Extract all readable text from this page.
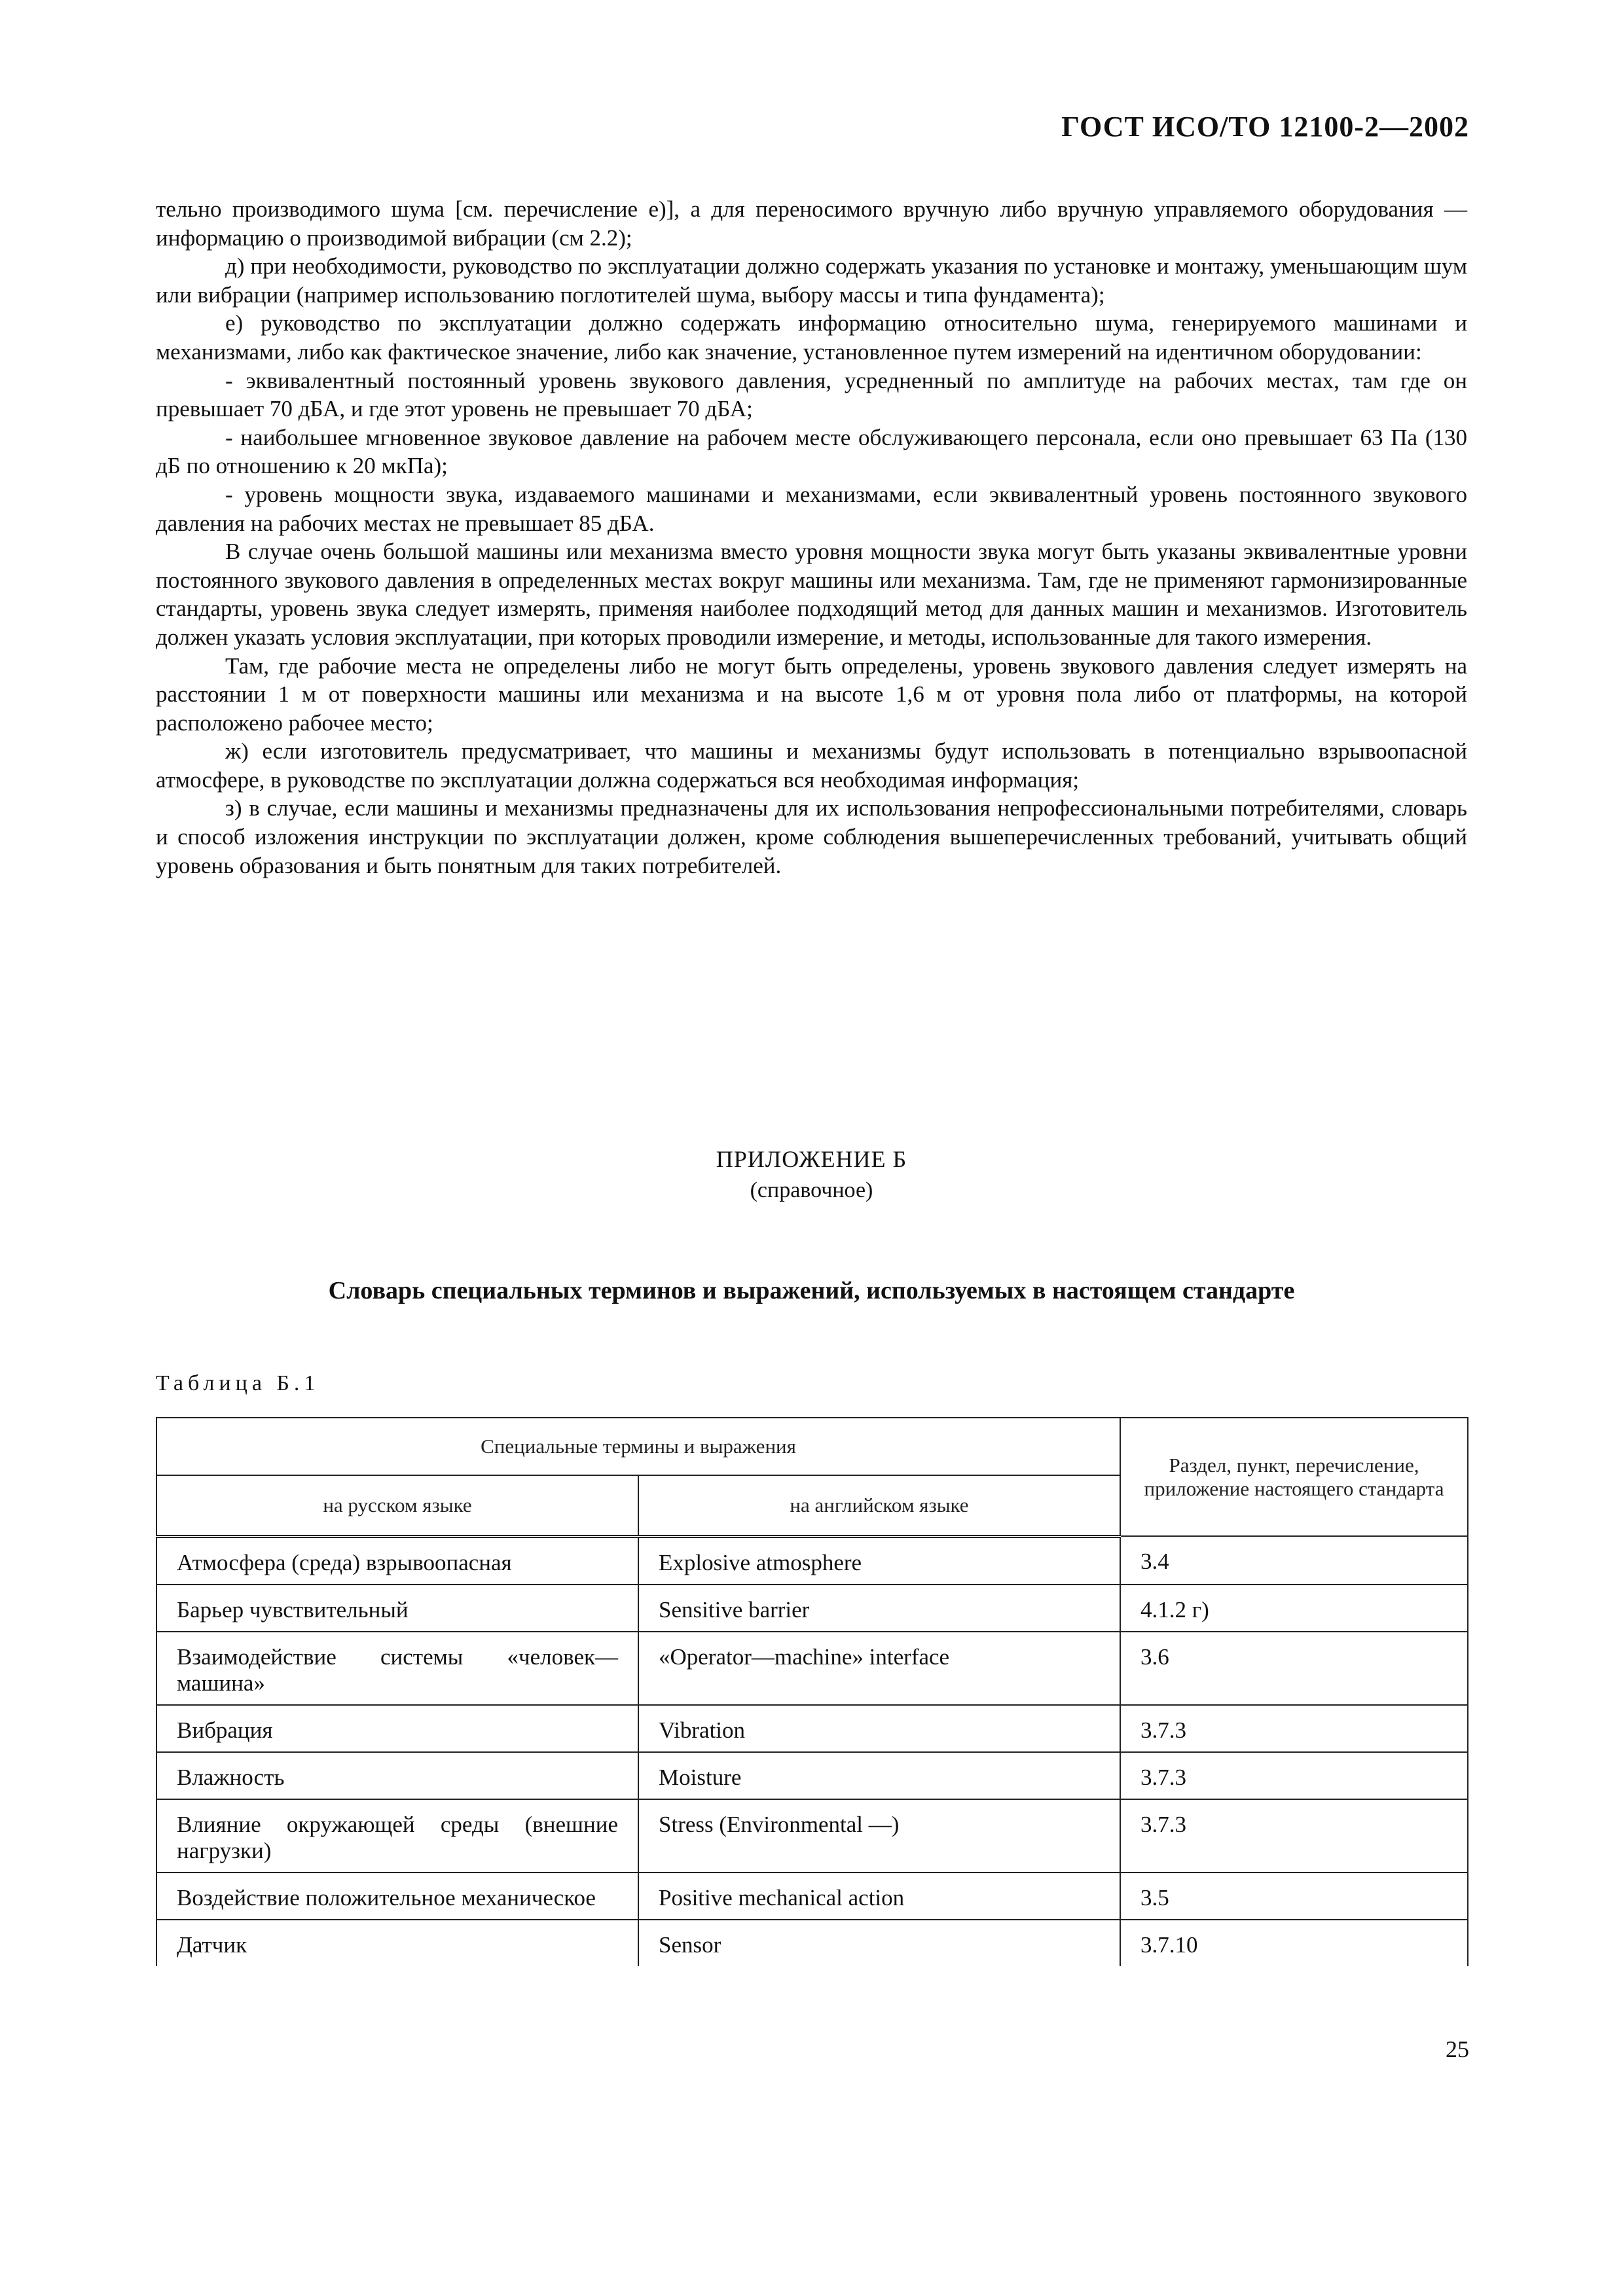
ГОСТ ИСО/ТО 12100-2—2002

тельно производимого шума [см. перечисление е)], а для переносимого вручную либо вручную управляемого оборудования — информацию о производимой вибрации (см 2.2);

д) при необходимости, руководство по эксплуатации должно содержать указания по установке и монтажу, уменьшающим шум или вибрации (например использованию поглотителей шума, выбору массы и типа фундамента);

е) руководство по эксплуатации должно содержать информацию относительно шума, генерируемого машинами и механизмами, либо как фактическое значение, либо как значение, установленное путем измерений на идентичном оборудовании:

- эквивалентный постоянный уровень звукового давления, усредненный по амплитуде на рабочих местах, там где он превышает 70 дБА, и где этот уровень не превышает 70 дБА;

- наибольшее мгновенное звуковое давление на рабочем месте обслуживающего персонала, если оно превышает 63 Па (130 дБ по отношению к 20 мкПа);

- уровень мощности звука, издаваемого машинами и механизмами, если эквивалентный уровень постоянного звукового давления на рабочих местах не превышает 85 дБА.

В случае очень большой машины или механизма вместо уровня мощности звука могут быть указаны эквивалентные уровни постоянного звукового давления в определенных местах вокруг машины или механизма. Там, где не применяют гармонизированные стандарты, уровень звука следует измерять, применяя наиболее подходящий метод для данных машин и механизмов. Изготовитель должен указать условия эксплуатации, при которых проводили измерение, и методы, использованные для такого измерения.

Там, где рабочие места не определены либо не могут быть определены, уровень звукового давления следует измерять на расстоянии 1 м от поверхности машины или механизма и на высоте 1,6 м от уровня пола либо от платформы, на которой расположено рабочее место;

ж) если изготовитель предусматривает, что машины и механизмы будут использовать в потенциально взрывоопасной атмосфере, в руководстве по эксплуатации должна содержаться вся необходимая информация;

з) в случае, если машины и механизмы предназначены для их использования непрофессиональными потребителями, словарь и способ изложения инструкции по эксплуатации должен, кроме соблюдения вышеперечисленных требований, учитывать общий уровень образования и быть понятным для таких потребителей.

ПРИЛОЖЕНИЕ Б
(справочное)
Словарь специальных терминов и выражений, используемых в настоящем стандарте
Таблица Б.1
Специальные термины и выражения		Раздел, пункт, перечисление, приложение настоящего стандарта
на русском языке	на английском языке	
Атмосфера (среда) взрывоопасная	Explosive atmosphere	3.4
Барьер чувствительный	Sensitive barrier	4.1.2 г)
Взаимодействие системы «человек—машина»	«Operator—machine» interface	3.6
Вибрация	Vibration	3.7.3
Влажность	Moisture	3.7.3
Влияние окружающей среды (внешние нагрузки)	Stress (Environmental —)	3.7.3
Воздействие положительное механическое	Positive mechanical action	3.5
Датчик	Sensor	3.7.10
25
